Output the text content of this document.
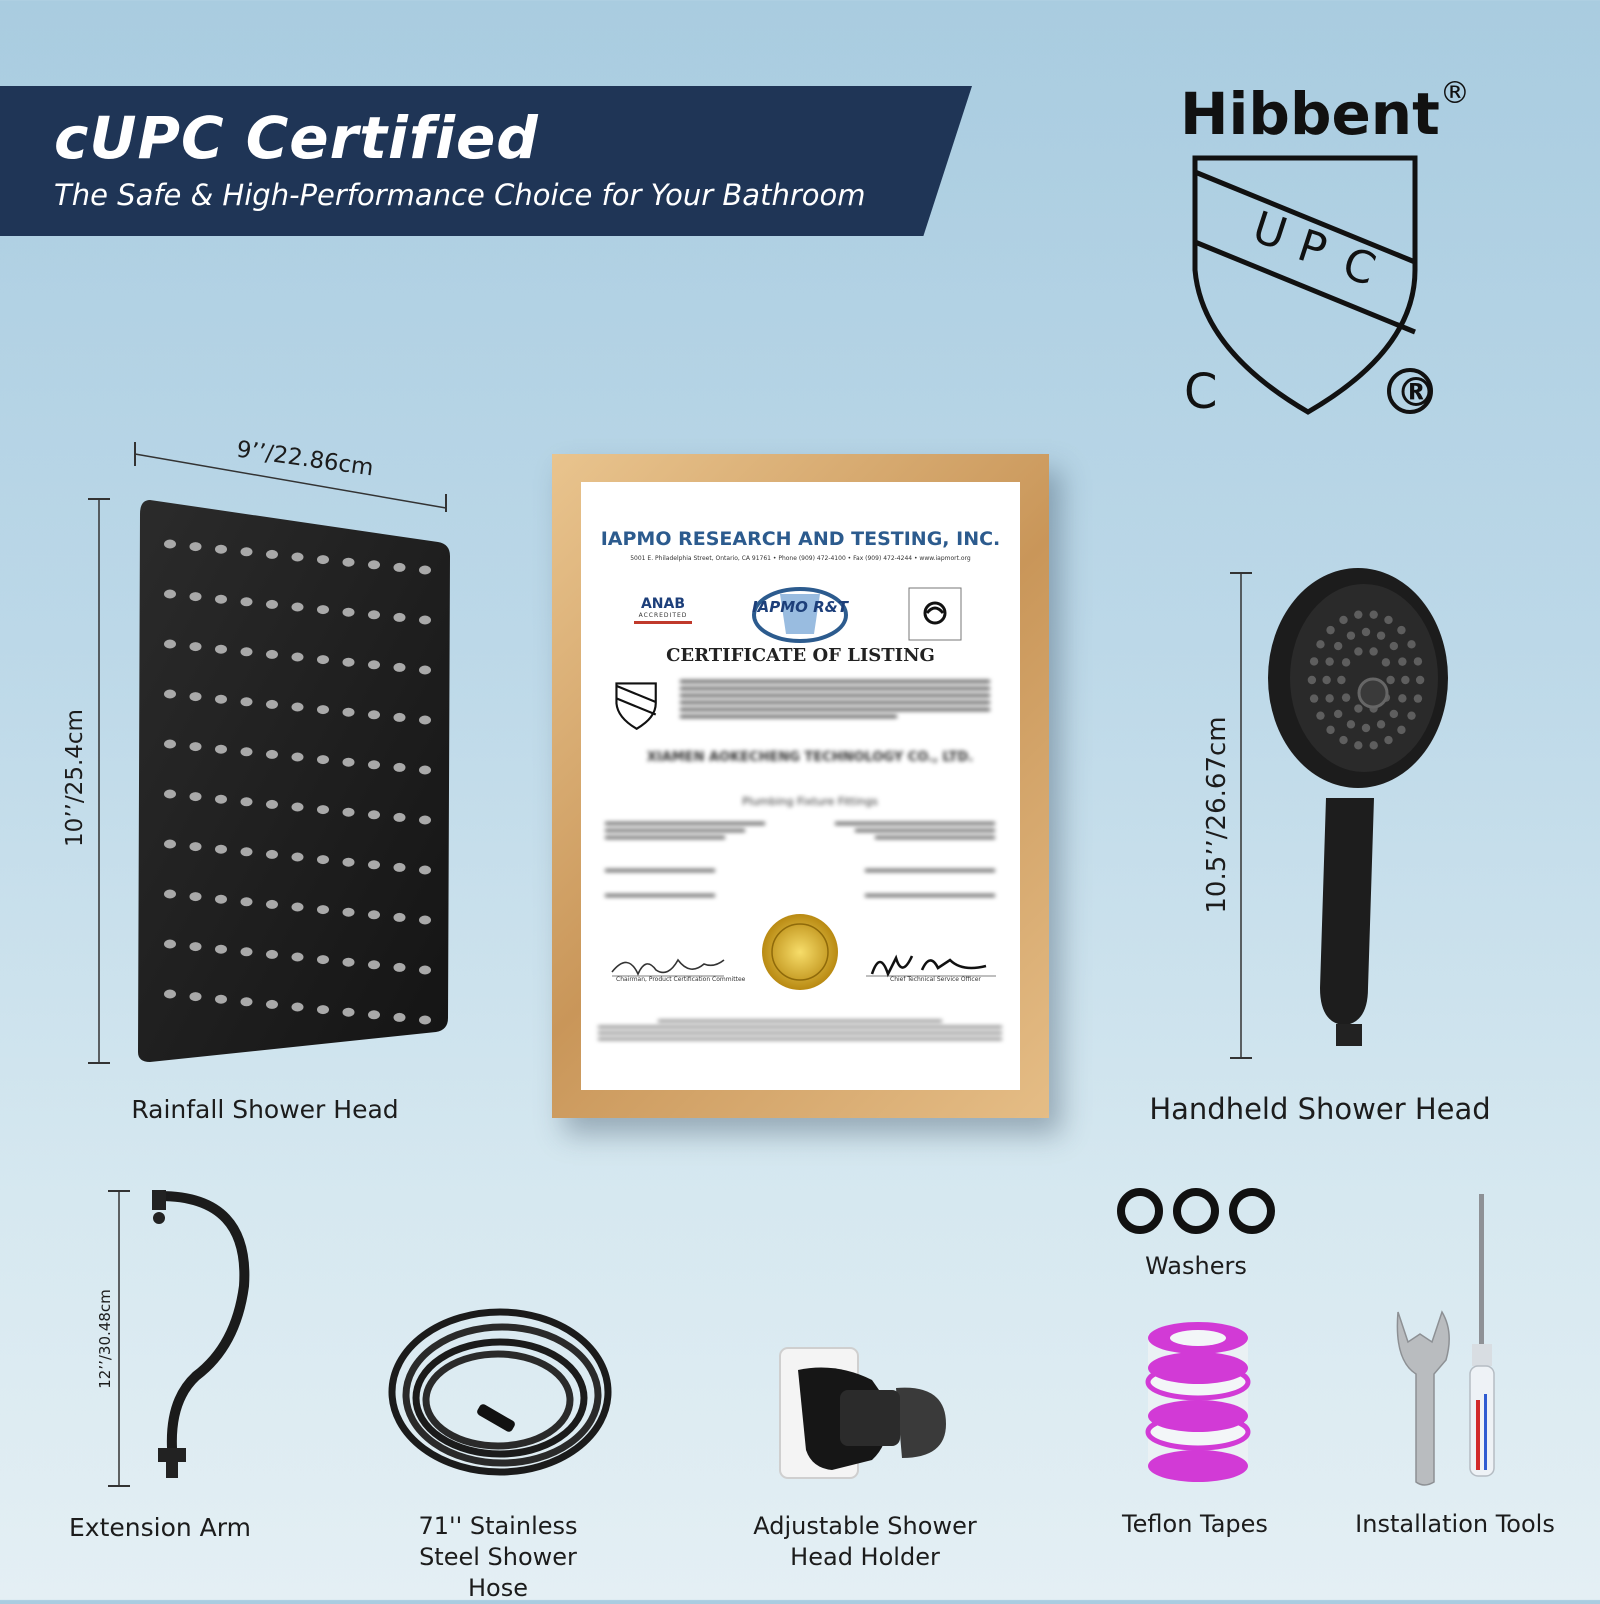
cUPC Certified
The Safe & High-Performance Choice for Your Bathroom
Hibbent®
U
P C
C	®
9’’/22.86cm
10’’/25.4cm
Rainfall Shower Head
IAPMO RESEARCH AND TESTING, INC.
5001 E. Philadelphia Street, Ontario, CA 91761 • Phone (909) 472-4100 • Fax (909) 472-4244 • www.iapmort.org
ANAB
ACCREDITED	IAPMO R&T
CERTIFICATE OF LISTING
XIAMEN AOKECHENG TECHNOLOGY CO., LTD.
Plumbing Fixture Fittings
Chairman, Product Certification Committee	Chief Technical Service Officer
10.5’’/26.67cm
Handheld Shower Head
12’’/30.48cm
Extension Arm	71'' Stainless Steel Shower Hose
Adjustable Shower Head Holder
Washers
Teflon Tapes	Installation Tools
